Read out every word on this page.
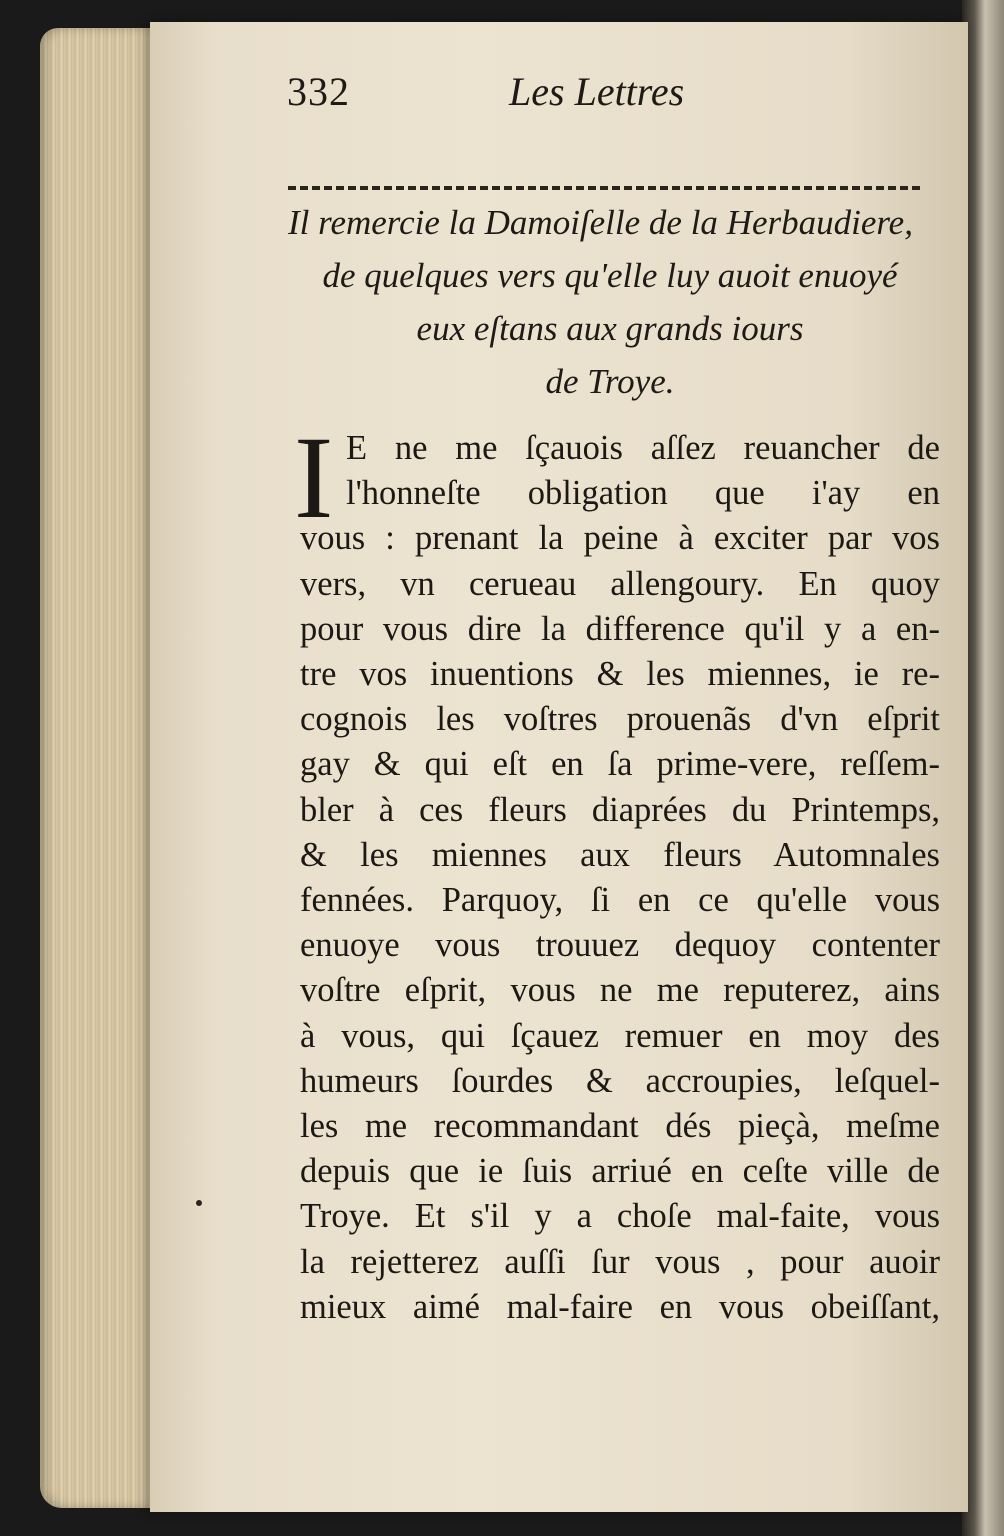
332	Les Lettres
Il remercie la Damoiſelle de la Herbaudiere,
de quelques vers qu'elle luy auoit enuoyé
eux eſtans aux grands iours
de Troye.
I E ne me ſçauois aſſez reuancher de
l'honneſte obligation que i'ay en
vous : prenant la peine à exciter par vos
vers, vn cerueau allengoury. En quoy
pour vous dire la difference qu'il y a en-
tre vos inuentions & les miennes, ie re-
cognois les voſtres prouenãs d'vn eſprit
gay & qui eſt en ſa prime-vere, reſſem-
bler à ces fleurs diaprées du Printemps,
& les miennes aux fleurs Automnales
fennées. Parquoy, ſi en ce qu'elle vous
enuoye vous trouuez dequoy contenter
voſtre eſprit, vous ne me reputerez, ains
à vous, qui ſçauez remuer en moy des
humeurs ſourdes & accroupies, leſquel-
les me recommandant dés pieçà, meſme
depuis que ie ſuis arriué en ceſte ville de
Troye. Et s'il y a choſe mal-faite, vous
la rejetterez auſſi ſur vous , pour auoir
mieux aimé mal-faire en vous obeiſſant,
